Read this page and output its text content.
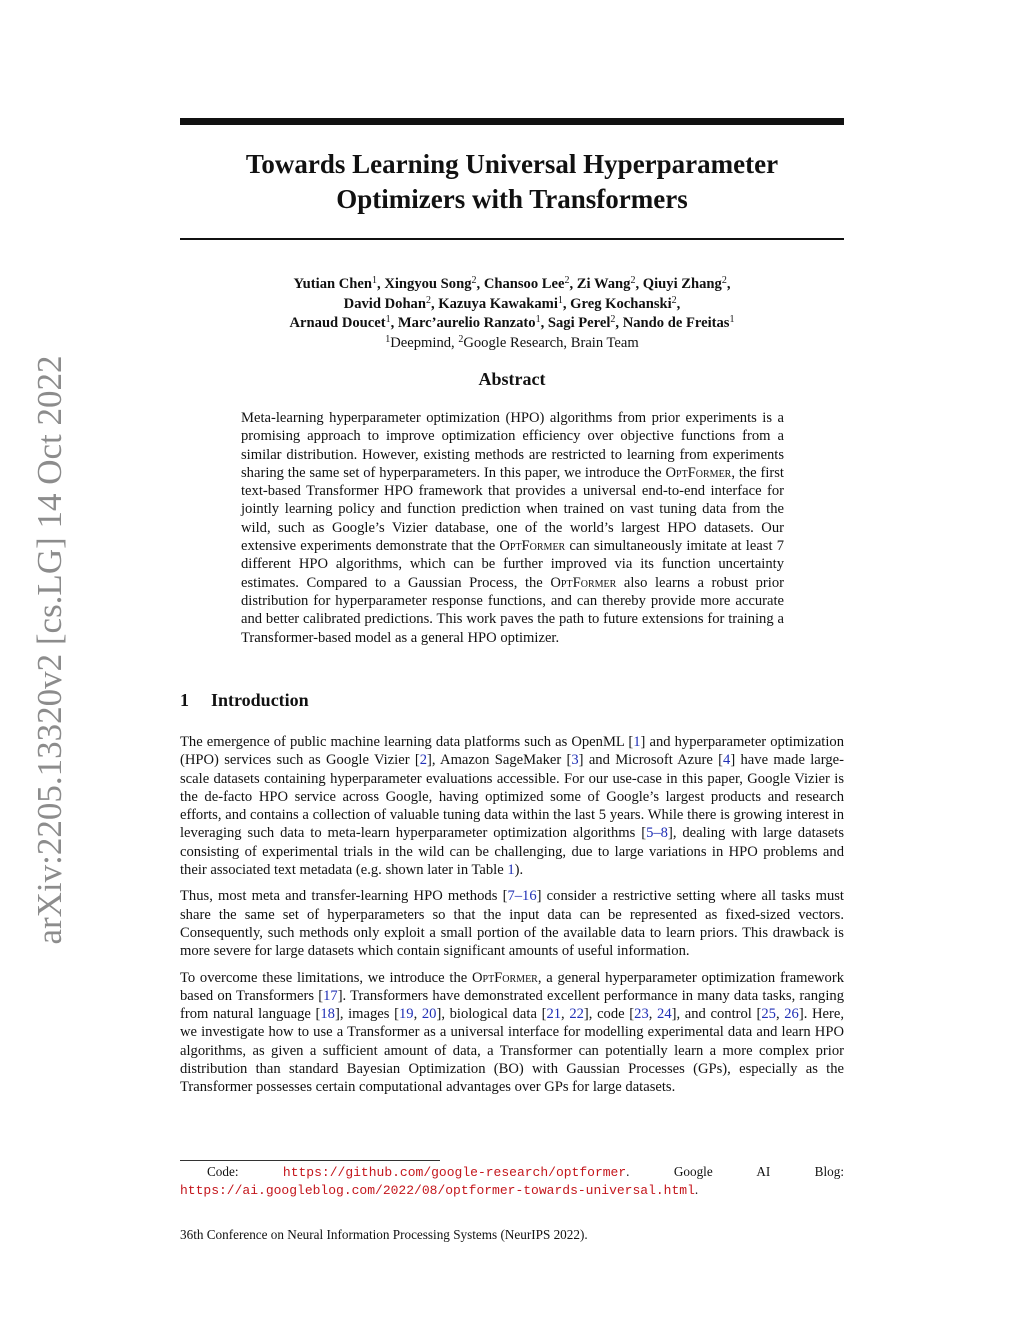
arXiv:2205.13320v2 [cs.LG] 14 Oct 2022
Towards Learning Universal Hyperparameter
Optimizers with Transformers
Yutian Chen$^1$, Xingyou Song$^2$, Chansoo Lee$^2$, Zi Wang$^2$, Qiuyi Zhang$^2$,
David Dohan$^2$, Kazuya Kawakami$^1$, Greg Kochanski$^2$,
Arnaud Doucet$^1$, Marc’aurelio Ranzato$^1$, Sagi Perel$^2$, Nando de Freitas$^1$
$^1$Deepmind, $^2$Google Research, Brain Team
Abstract

Meta-learning hyperparameter optimization (HPO) algorithms from prior experiments is a promising approach to improve optimization efficiency over objective functions from a similar distribution. However, existing methods are restricted to learning from experiments sharing the same set of hyperparameters. In this paper, we introduce the OptFormer, the first text-based Transformer HPO framework that provides a universal end-to-end interface for jointly learning policy and function prediction when trained on vast tuning data from the wild, such as Google’s Vizier database, one of the world’s largest HPO datasets. Our extensive experiments demonstrate that the OptFormer can simultaneously imitate at least 7 different HPO algorithms, which can be further improved via its function uncertainty estimates. Compared to a Gaussian Process, the OptFormer also learns a robust prior distribution for hyperparameter response functions, and can thereby provide more accurate and better calibrated predictions. This work paves the path to future extensions for training a Transformer-based model as a general HPO optimizer.

1 Introduction

The emergence of public machine learning data platforms such as OpenML [1] and hyperparameter optimization (HPO) services such as Google Vizier [2], Amazon SageMaker [3] and Microsoft Azure [4] have made large-scale datasets containing hyperparameter evaluations accessible. For our use-case in this paper, Google Vizier is the de-facto HPO service across Google, having optimized some of Google’s largest products and research efforts, and contains a collection of valuable tuning data within the last 5 years. While there is growing interest in leveraging such data to meta-learn hyperparameter optimization algorithms [5–8], dealing with large datasets consisting of experimental trials in the wild can be challenging, due to large variations in HPO problems and their associated text metadata (e.g. shown later in Table 1).

Thus, most meta and transfer-learning HPO methods [7–16] consider a restrictive setting where all tasks must share the same set of hyperparameters so that the input data can be represented as fixed-sized vectors. Consequently, such methods only exploit a small portion of the available data to learn priors. This drawback is more severe for large datasets which contain significant amounts of useful information.

To overcome these limitations, we introduce the OptFormer, a general hyperparameter optimization framework based on Transformers [17]. Transformers have demonstrated excellent performance in many data tasks, ranging from natural language [18], images [19, 20], biological data [21, 22], code [23, 24], and control [25, 26]. Here, we investigate how to use a Transformer as a universal interface for modelling experimental data and learn HPO algorithms, as given a sufficient amount of data, a Transformer can potentially learn a more complex prior distribution than standard Bayesian Optimization (BO) with Gaussian Processes (GPs), especially as the Transformer possesses certain computational advantages over GPs for large datasets.

Code: https://github.com/google-research/optformer. Google AI Blog: https://ai.googleblog.com/2022/08/optformer-towards-universal.html.
36th Conference on Neural Information Processing Systems (NeurIPS 2022).
